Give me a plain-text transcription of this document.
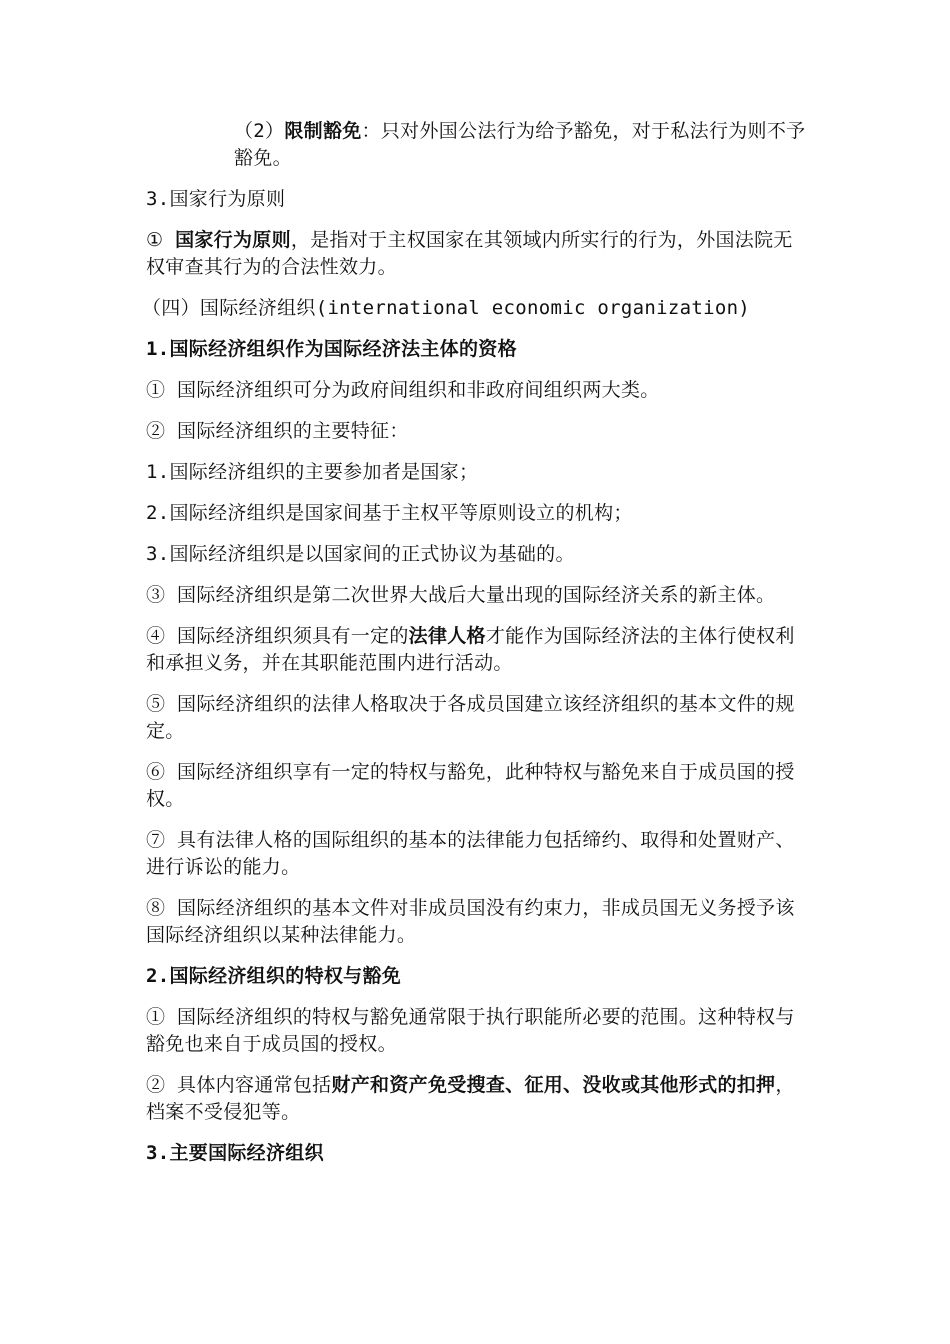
（2）限制豁免：只对外国公法行为给予豁免，对于私法行为则不予豁免。

3.国家行为原则

① 国家行为原则，是指对于主权国家在其领域内所实行的行为，外国法院无权审查其行为的合法性效力。

（四）国际经济组织(international economic organization)

1.国际经济组织作为国际经济法主体的资格

① 国际经济组织可分为政府间组织和非政府间组织两大类。

② 国际经济组织的主要特征：

1.国际经济组织的主要参加者是国家；

2.国际经济组织是国家间基于主权平等原则设立的机构；

3.国际经济组织是以国家间的正式协议为基础的。

③ 国际经济组织是第二次世界大战后大量出现的国际经济关系的新主体。

④ 国际经济组织须具有一定的法律人格才能作为国际经济法的主体行使权利和承担义务，并在其职能范围内进行活动。

⑤ 国际经济组织的法律人格取决于各成员国建立该经济组织的基本文件的规定。

⑥ 国际经济组织享有一定的特权与豁免，此种特权与豁免来自于成员国的授权。

⑦ 具有法律人格的国际组织的基本的法律能力包括缔约、取得和处置财产、进行诉讼的能力。

⑧ 国际经济组织的基本文件对非成员国没有约束力，非成员国无义务授予该国际经济组织以某种法律能力。

2.国际经济组织的特权与豁免

① 国际经济组织的特权与豁免通常限于执行职能所必要的范围。这种特权与豁免也来自于成员国的授权。

② 具体内容通常包括财产和资产免受搜查、征用、没收或其他形式的扣押，档案不受侵犯等。

3.主要国际经济组织
